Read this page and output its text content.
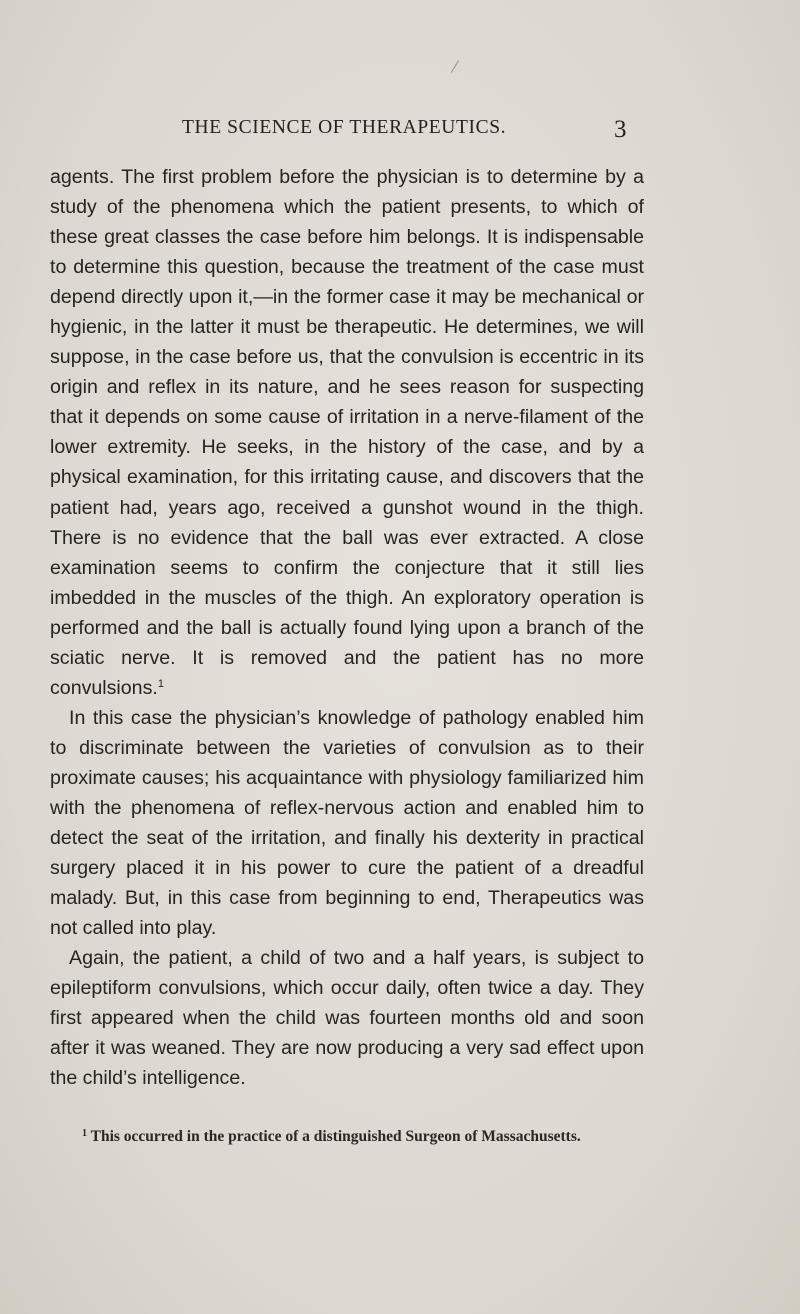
/
THE SCIENCE OF THERAPEUTICS.	3

agents. The first problem before the physician is to determine by a study of the phenomena which the patient presents, to which of these great classes the case before him belongs. It is indispensable to determine this question, because the treatment of the case must depend directly upon it,—in the former case it may be mechanical or hygienic, in the latter it must be therapeutic. He determines, we will suppose, in the case before us, that the convulsion is eccentric in its origin and reflex in its nature, and he sees reason for suspecting that it depends on some cause of irritation in a nerve-filament of the lower extremity. He seeks, in the history of the case, and by a physical examination, for this irritating cause, and discovers that the patient had, years ago, received a gunshot wound in the thigh. There is no evidence that the ball was ever extracted. A close examination seems to confirm the conjecture that it still lies imbedded in the muscles of the thigh. An exploratory operation is performed and the ball is actually found lying upon a branch of the sciatic nerve. It is removed and the patient has no more convulsions.$^1$

In this case the physician’s knowledge of pathology enabled him to discriminate between the varieties of convulsion as to their proximate causes; his acquaintance with physiology familiarized him with the phenomena of reflex-nervous action and enabled him to detect the seat of the irritation, and finally his dexterity in practical surgery placed it in his power to cure the patient of a dreadful malady. But, in this case from beginning to end, Therapeutics was not called into play.

Again, the patient, a child of two and a half years, is subject to epileptiform convulsions, which occur daily, often twice a day. They first appeared when the child was fourteen months old and soon after it was weaned. They are now producing a very sad effect upon the child’s intelligence.

$^1$ This occurred in the practice of a distinguished Surgeon of Massachusetts.
